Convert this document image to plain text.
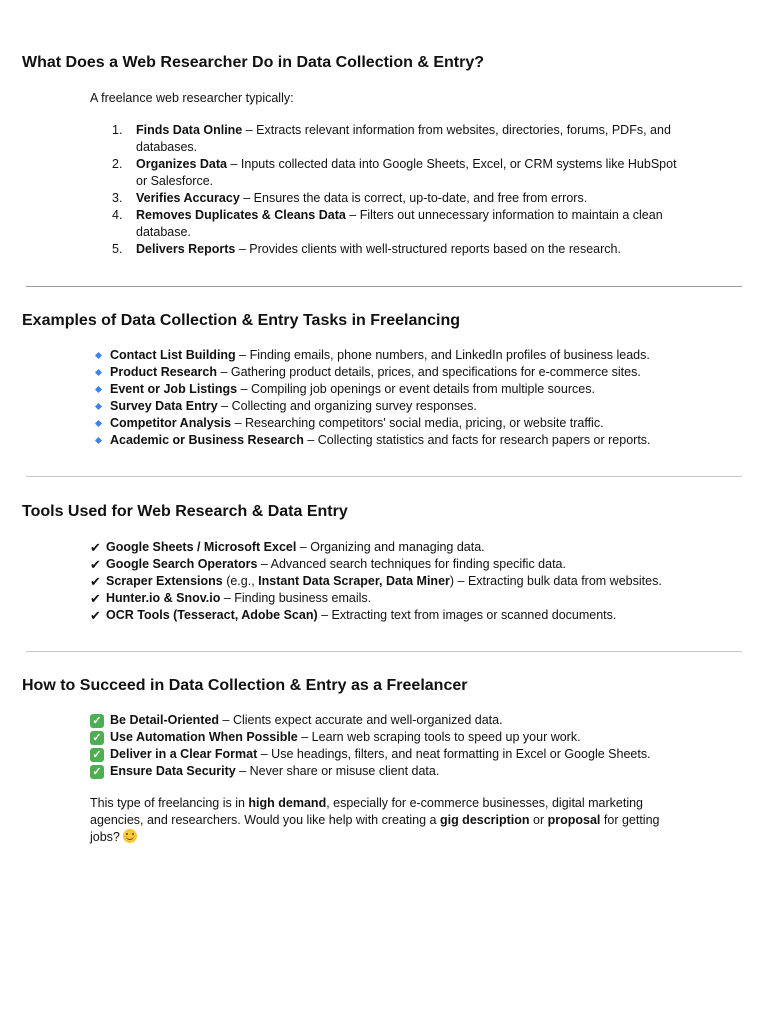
What Does a Web Researcher Do in Data Collection & Entry?

A freelance web researcher typically:

1.	Finds Data Online – Extracts relevant information from websites, directories, forums, PDFs, and databases.
2.	Organizes Data – Inputs collected data into Google Sheets, Excel, or CRM systems like HubSpot or Salesforce.
3.	Verifies Accuracy – Ensures the data is correct, up-to-date, and free from errors.
4.	Removes Duplicates & Cleans Data – Filters out unnecessary information to maintain a clean database.
5.	Delivers Reports – Provides clients with well-structured reports based on the research.
Examples of Data Collection & Entry Tasks in Freelancing
Contact List Building – Finding emails, phone numbers, and LinkedIn profiles of business leads.
Product Research – Gathering product details, prices, and specifications for e-commerce sites.
Event or Job Listings – Compiling job openings or event details from multiple sources.
Survey Data Entry – Collecting and organizing survey responses.
Competitor Analysis – Researching competitors' social media, pricing, or website traffic.
Academic or Business Research – Collecting statistics and facts for research papers or reports.
Tools Used for Web Research & Data Entry
✔ Google Sheets / Microsoft Excel – Organizing and managing data.
✔ Google Search Operators – Advanced search techniques for finding specific data.
✔ Scraper Extensions (e.g., Instant Data Scraper, Data Miner) – Extracting bulk data from websites.
✔ Hunter.io & Snov.io – Finding business emails.
✔ OCR Tools (Tesseract, Adobe Scan) – Extracting text from images or scanned documents.
How to Succeed in Data Collection & Entry as a Freelancer
✓ Be Detail-Oriented – Clients expect accurate and well-organized data.
✓ Use Automation When Possible – Learn web scraping tools to speed up your work.
✓ Deliver in a Clear Format – Use headings, filters, and neat formatting in Excel or Google Sheets.
✓ Ensure Data Security – Never share or misuse client data.

This type of freelancing is in high demand, especially for e-commerce businesses, digital marketing agencies, and researchers. Would you like help with creating a gig description or proposal for getting jobs?
